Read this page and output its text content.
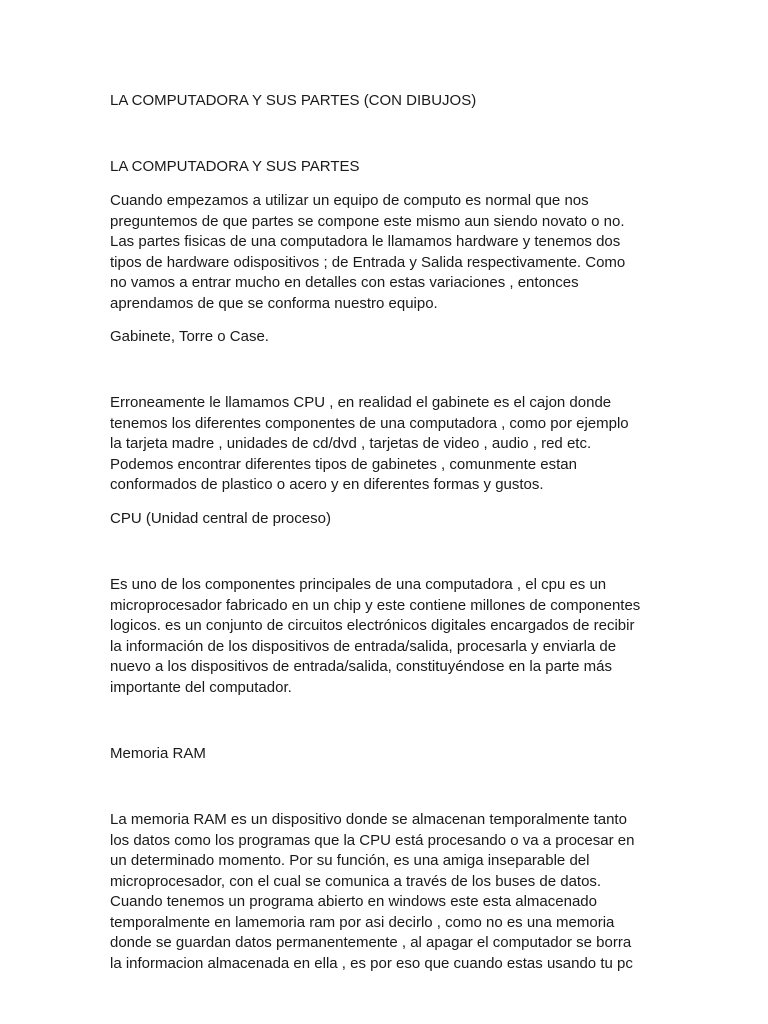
LA COMPUTADORA Y SUS PARTES (CON DIBUJOS)
LA COMPUTADORA Y SUS PARTES
Cuando empezamos a utilizar un equipo de computo es normal que nos
preguntemos de que partes se compone este mismo aun siendo novato o no.
Las partes fisicas de una computadora le llamamos hardware y tenemos dos
tipos de hardware odispositivos ; de Entrada y Salida respectivamente. Como
no vamos a entrar mucho en detalles con estas variaciones , entonces
aprendamos de que se conforma nuestro equipo.
Gabinete, Torre o Case.
Erroneamente le llamamos CPU , en realidad el gabinete es el cajon donde
tenemos los diferentes componentes de una computadora , como por ejemplo
la tarjeta madre , unidades de cd/dvd , tarjetas de video , audio , red etc.
Podemos encontrar diferentes tipos de gabinetes , comunmente estan
conformados de plastico o acero y en diferentes formas y gustos.
CPU (Unidad central de proceso)
Es uno de los componentes principales de una computadora , el cpu es un
microprocesador fabricado en un chip y este contiene millones de componentes
logicos. es un conjunto de circuitos electrónicos digitales encargados de recibir
la información de los dispositivos de entrada/salida, procesarla y enviarla de
nuevo a los dispositivos de entrada/salida, constituyéndose en la parte más
importante del computador.
Memoria RAM
La memoria RAM es un dispositivo donde se almacenan temporalmente tanto
los datos como los programas que la CPU está procesando o va a procesar en
un determinado momento. Por su función, es una amiga inseparable del
microprocesador, con el cual se comunica a través de los buses de datos.
Cuando tenemos un programa abierto en windows este esta almacenado
temporalmente en lamemoria ram por asi decirlo , como no es una memoria
donde se guardan datos permanentemente , al apagar el computador se borra
la informacion almacenada en ella , es por eso que cuando estas usando tu pc
